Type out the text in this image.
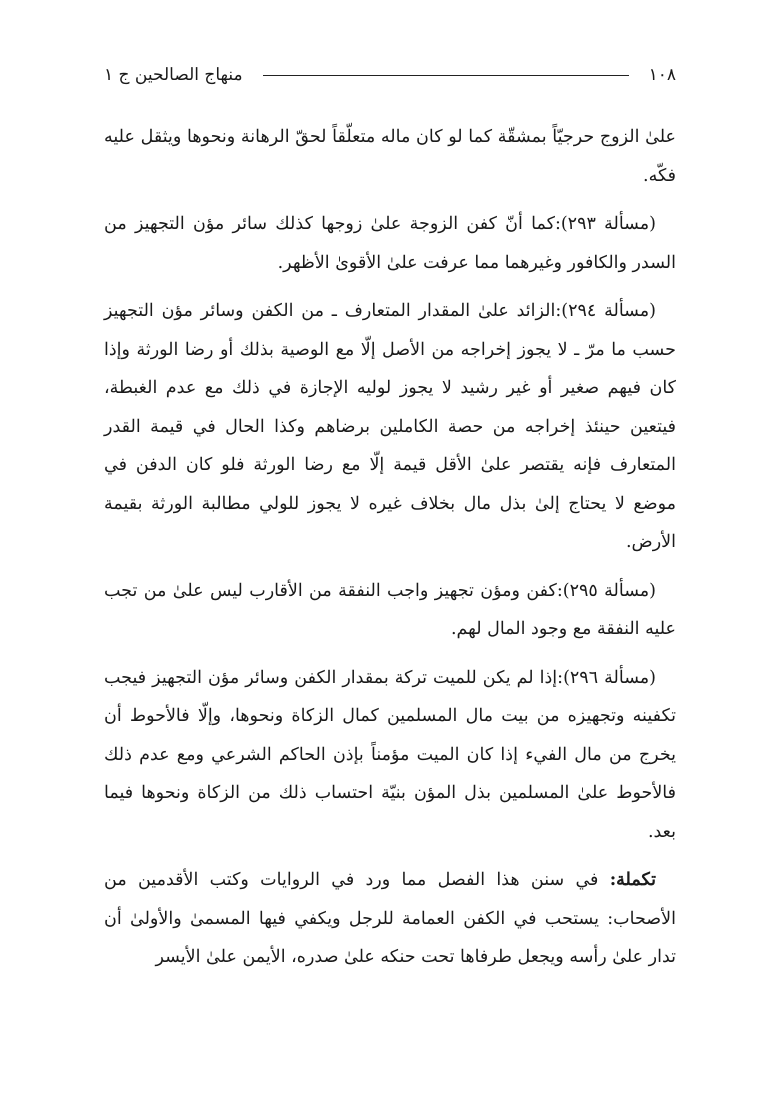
١٠٨
منهاج الصالحين ج ١

علىٰ الزوج حرجيّاً بمشقّة كما لو كان ماله متعلّقاً لحقّ الرهانة ونحوها ويثقل عليه فكّه.

(مسألة ٢٩٣):كما أنّ كفن الزوجة علىٰ زوجها كذلك سائر مؤن التجهيز من السدر والكافور وغيرهما مما عرفت علىٰ الأقوىٰ الأظهر.

(مسألة ٢٩٤):الزائد علىٰ المقدار المتعارف ـ من الكفن وسائر مؤن التجهيز حسب ما مرّ ـ لا يجوز إخراجه من الأصل إلّا مع الوصية بذلك أو رضا الورثة وإذا كان فيهم صغير أو غير رشيد لا يجوز لوليه الإجازة في ذلك مع عدم الغبطة، فيتعين حينئذ إخراجه من حصة الكاملين برضاهم وكذا الحال في قيمة القدر المتعارف فإنه يقتصر علىٰ الأقل قيمة إلّا مع رضا الورثة فلو كان الدفن في موضع لا يحتاج إلىٰ بذل مال بخلاف غيره لا يجوز للولي مطالبة الورثة بقيمة الأرض.

(مسألة ٢٩٥):كفن ومؤن تجهيز واجب النفقة من الأقارب ليس علىٰ من تجب عليه النفقة مع وجود المال لهم.

(مسألة ٢٩٦):إذا لم يكن للميت تركة بمقدار الكفن وسائر مؤن التجهيز فيجب تكفينه وتجهيزه من بيت مال المسلمين كمال الزكاة ونحوها، وإلّا فالأحوط أن يخرج من مال الفيء إذا كان الميت مؤمناً بإذن الحاكم الشرعي ومع عدم ذلك فالأحوط علىٰ المسلمين بذل المؤن بنيّة احتساب ذلك من الزكاة ونحوها فيما بعد.

تكملة: في سنن هذا الفصل مما ورد في الروايات وكتب الأقدمين من الأصحاب: يستحب في الكفن العمامة للرجل ويكفي فيها المسمىٰ والأولىٰ أن تدار علىٰ رأسه ويجعل طرفاها تحت حنكه علىٰ صدره، الأيمن علىٰ الأيسر
